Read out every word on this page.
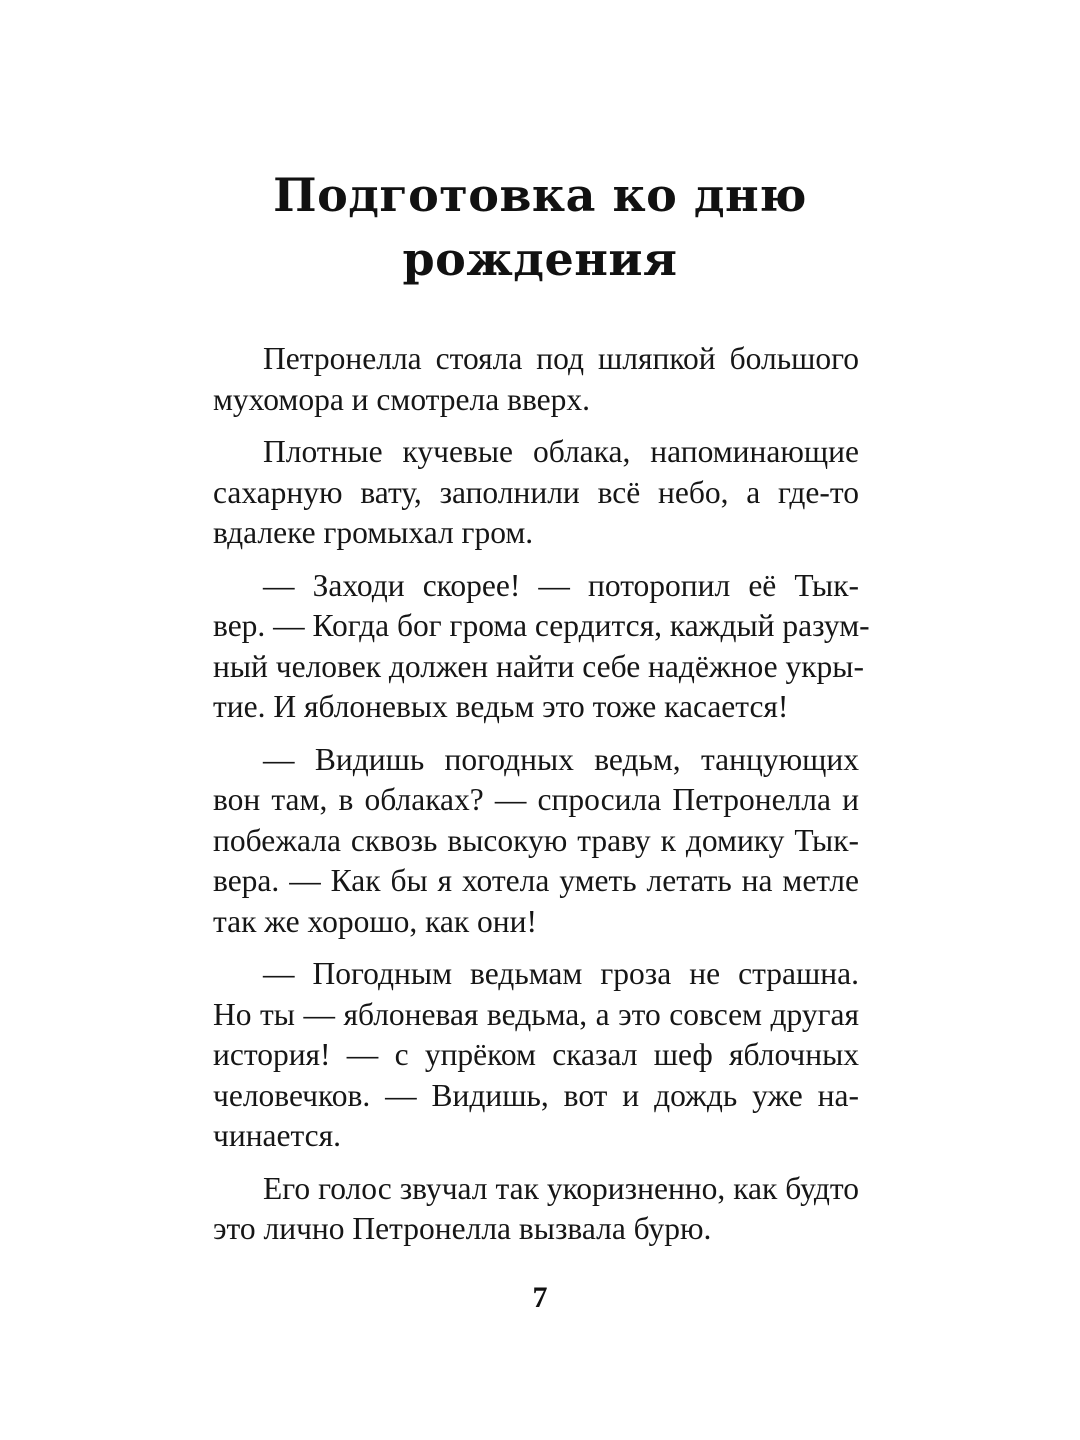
Подготовка ко дню
рождения

Петронелла стояла под шляпкой большого
мухомора и смотрела вверх.

Плотные кучевые облака, напоминающие
сахарную вату, заполнили всё небо, а где-то
вдалеке громыхал гром.

— Заходи скорее! — поторопил её Тык-
вер. — Когда бог грома сердится, каждый разум-
ный человек должен найти себе надёжное укры-
тие. И яблоневых ведьм это тоже касается!

— Видишь погодных ведьм, танцующих
вон там, в облаках? — спросила Петронелла и
побежала сквозь высокую траву к домику Тык-
вера. — Как бы я хотела уметь летать на метле
так же хорошо, как они!

— Погодным ведьмам гроза не страшна.
Но ты — яблоневая ведьма, а это совсем другая
история! — с упрёком сказал шеф яблочных
человечков. — Видишь, вот и дождь уже на-
чинается.

Его голос звучал так укоризненно, как будто
это лично Петронелла вызвала бурю.

7
